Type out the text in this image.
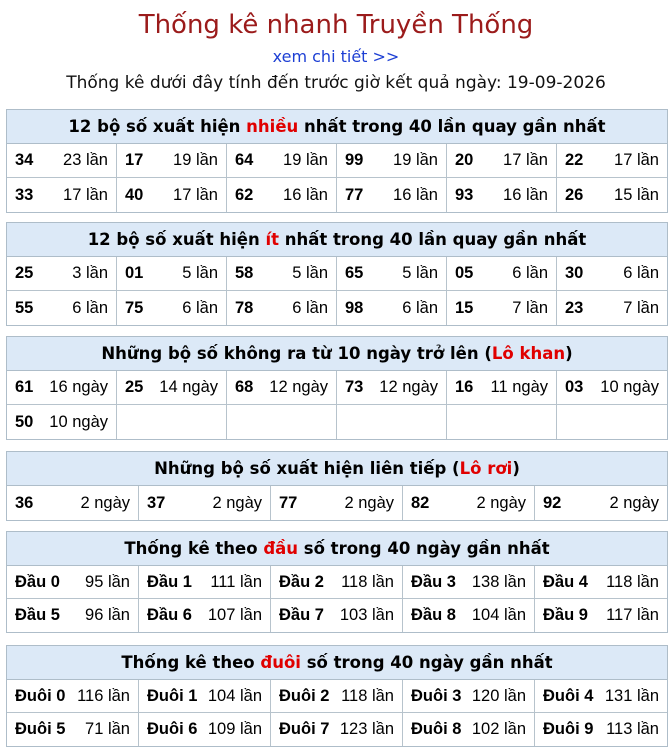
Thống kê nhanh Truyền Thống
xem chi tiết >>
Thống kê dưới đây tính đến trước giờ kết quả ngày: 19-09-2026
12 bộ số xuất hiện nhiều nhất trong 40 lần quay gần nhất
34 23 lần 17 19 lần 64 19 lần 99 19 lần 20 17 lần 22 17 lần
33 17 lần 40 17 lần 62 16 lần 77 16 lần 93 16 lần 26 15 lần
12 bộ số xuất hiện ít nhất trong 40 lần quay gần nhất
25 3 lần 01 5 lần 58 5 lần 65 5 lần 05 6 lần 30 6 lần
55 6 lần 75 6 lần 78 6 lần 98 6 lần 15 7 lần 23 7 lần
Những bộ số không ra từ 10 ngày trở lên (Lô khan)
61 16 ngày 25 14 ngày 68 12 ngày 73 12 ngày 16 11 ngày 03 10 ngày
50 10 ngày
Những bộ số xuất hiện liên tiếp (Lô rơi)
36	2 ngày 37	2 ngày 77	2 ngày 82	2 ngày 92	2 ngày
Thống kê theo đầu số trong 40 ngày gần nhất
Đầu 0 95 lần Đầu 1 111 lần Đầu 2 118 lần Đầu 3 138 lần Đầu 4 118 lần
Đầu 5 96 lần Đầu 6 107 lần Đầu 7 103 lần Đầu 8 104 lần Đầu 9 117 lần
Thống kê theo đuôi số trong 40 ngày gần nhất
Đuôi 0 116 lần Đuôi 1 104 lần Đuôi 2 118 lần Đuôi 3 120 lần Đuôi 4 131 lần
Đuôi 5 71 lần Đuôi 6 109 lần Đuôi 7 123 lần Đuôi 8 102 lần Đuôi 9 113 lần
